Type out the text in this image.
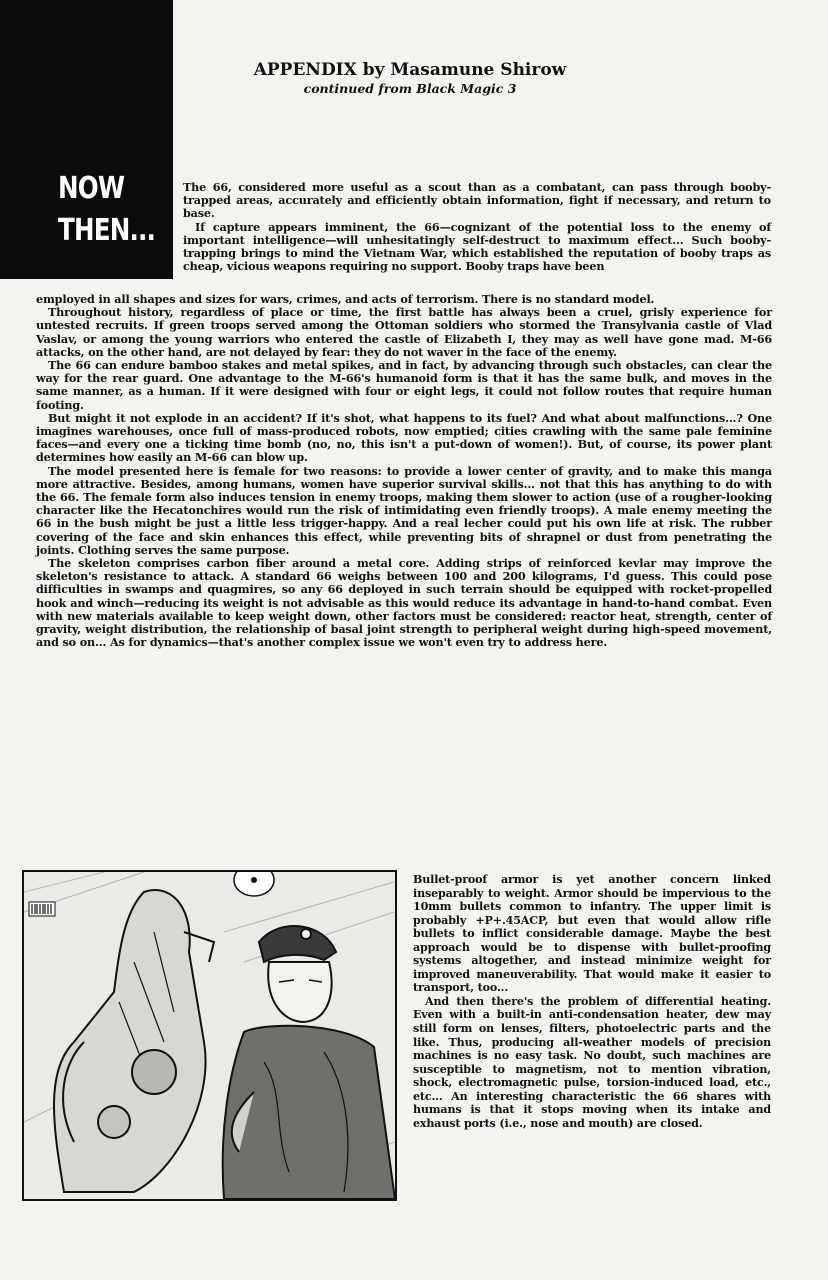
NOW
THEN...
APPENDIX by Masamune Shirow
continued from Black Magic 3

The 66, considered more useful as a scout than as a combatant, can pass through booby-trapped areas, accurately and efficiently obtain information, fight if necessary, and return to base.

If capture appears imminent, the 66—cognizant of the potential loss to the enemy of important intelligence—will unhesitatingly self-destruct to maximum effect... Such booby-trapping brings to mind the Vietnam War, which established the reputation of booby traps as cheap, vicious weapons requiring no support. Booby traps have been

employed in all shapes and sizes for wars, crimes, and acts of terrorism. There is no standard model.

Throughout history, regardless of place or time, the first battle has always been a cruel, grisly experience for untested recruits. If green troops served among the Ottoman soldiers who stormed the Transylvania castle of Vlad Vaslav, or among the young warriors who entered the castle of Elizabeth I, they may as well have gone mad. M-66 attacks, on the other hand, are not delayed by fear: they do not waver in the face of the enemy.

The 66 can endure bamboo stakes and metal spikes, and in fact, by advancing through such obstacles, can clear the way for the rear guard. One advantage to the M-66's humanoid form is that it has the same bulk, and moves in the same manner, as a human. If it were designed with four or eight legs, it could not follow routes that require human footing.

But might it not explode in an accident? If it's shot, what happens to its fuel? And what about malfunctions...? One imagines warehouses, once full of mass-produced robots, now emptied; cities crawling with the same pale feminine faces—and every one a ticking time bomb (no, no, this isn't a put-down of women!). But, of course, its power plant determines how easily an M-66 can blow up.

The model presented here is female for two reasons: to provide a lower center of gravity, and to make this manga more attractive. Besides, among humans, women have superior survival skills... not that this has anything to do with the 66. The female form also induces tension in enemy troops, making them slower to action (use of a rougher-looking character like the Hecatonchires would run the risk of intimidating even friendly troops). A male enemy meeting the 66 in the bush might be just a little less trigger-happy. And a real lecher could put his own life at risk. The rubber covering of the face and skin enhances this effect, while preventing bits of shrapnel or dust from penetrating the joints. Clothing serves the same purpose.

The skeleton comprises carbon fiber around a metal core. Adding strips of reinforced kevlar may improve the skeleton's resistance to attack. A standard 66 weighs between 100 and 200 kilograms, I'd guess. This could pose difficulties in swamps and quagmires, so any 66 deployed in such terrain should be equipped with rocket-propelled hook and winch—reducing its weight is not advisable as this would reduce its advantage in hand-to-hand combat. Even with new materials available to keep weight down, other factors must be considered: reactor heat, strength, center of gravity, weight distribution, the relationship of basal joint strength to peripheral weight during high-speed movement, and so on... As for dynamics—that's another complex issue we won't even try to address here.

Bullet-proof armor is yet another concern linked inseparably to weight. Armor should be impervious to the 10mm bullets common to infantry. The upper limit is probably +P+.45ACP, but even that would allow rifle bullets to inflict considerable damage. Maybe the best approach would be to dispense with bullet-proofing systems altogether, and instead minimize weight for improved maneuverability. That would make it easier to transport, too...

And then there's the problem of differential heating. Even with a built-in anti-condensation heater, dew may still form on lenses, filters, photoelectric parts and the like. Thus, producing all-weather models of precision machines is no easy task. No doubt, such machines are susceptible to magnetism, not to mention vibration, shock, electromagnetic pulse, torsion-induced load, etc., etc... An interesting characteristic the 66 shares with humans is that it stops moving when its intake and exhaust ports (i.e., nose and mouth) are closed.
